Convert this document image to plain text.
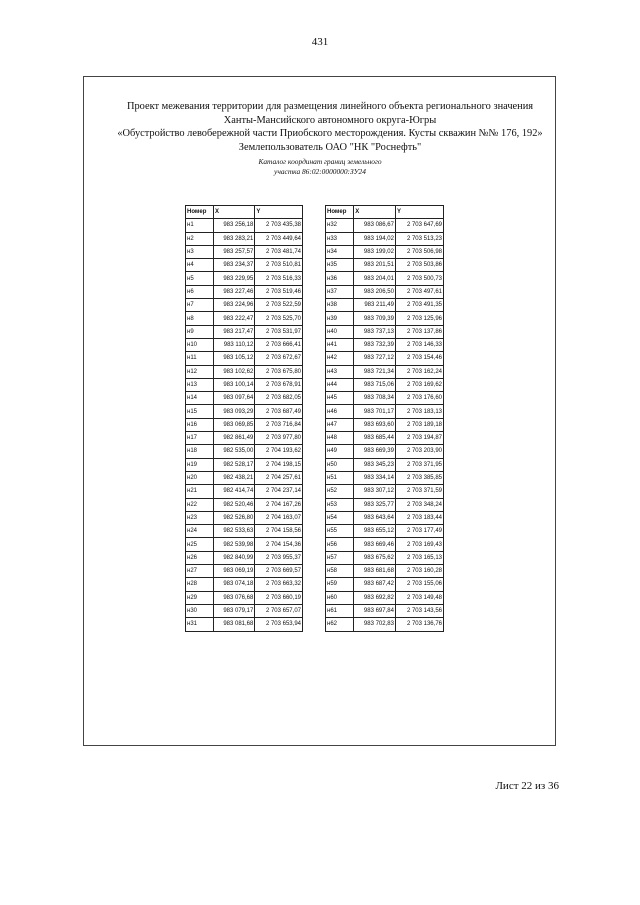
431
Проект межевания территории для размещения линейного объекта регионального значения
Ханты-Мансийского автономного округа-Югры
«Обустройство левобережной части Приобского месторождения. Кусты скважин №№ 176, 192»
Землепользователь ОАО "НК "Роснефть"
Каталог координат границ земельного
участка 86:02:0000000:ЗУ24
Номер	X	Y
н1	983 256,18	2 703 435,38
н2	983 283,21	2 703 449,64
н3	983 257,57	2 703 481,74
н4	983 234,37	2 703 510,81
н5	983 229,95	2 703 516,33
н6	983 227,46	2 703 519,46
н7	983 224,96	2 703 522,59
н8	983 222,47	2 703 525,70
н9	983 217,47	2 703 531,97
н10	983 110,12	2 703 666,41
н11	983 105,12	2 703 672,67
н12	983 102,62	2 703 675,80
н13	983 100,14	2 703 678,91
н14	983 097,64	2 703 682,05
н15	983 093,29	2 703 687,49
н16	983 069,85	2 703 716,84
н17	982 861,49	2 703 977,80
н18	982 535,00	2 704 193,62
н19	982 528,17	2 704 198,15
н20	982 438,21	2 704 257,61
н21	982 414,74	2 704 237,14
н22	982 520,46	2 704 167,26
н23	982 526,80	2 704 163,07
н24	982 533,63	2 704 158,56
н25	982 539,98	2 704 154,36
н26	982 840,99	2 703 955,37
н27	983 069,19	2 703 669,57
н28	983 074,18	2 703 663,32
н29	983 076,68	2 703 660,19
н30	983 079,17	2 703 657,07
н31	983 081,68	2 703 653,94
Номер	X	Y
н32	983 086,67	2 703 647,69
н33	983 194,02	2 703 513,23
н34	983 199,02	2 703 506,98
н35	983 201,51	2 703 503,86
н36	983 204,01	2 703 500,73
н37	983 206,50	2 703 497,61
н38	983 211,49	2 703 491,35
н39	983 709,39	2 703 125,96
н40	983 737,13	2 703 137,86
н41	983 732,39	2 703 146,33
н42	983 727,12	2 703 154,46
н43	983 721,34	2 703 162,24
н44	983 715,06	2 703 169,62
н45	983 708,34	2 703 176,60
н46	983 701,17	2 703 183,13
н47	983 693,60	2 703 189,18
н48	983 685,44	2 703 194,87
н49	983 669,39	2 703 203,90
н50	983 345,23	2 703 371,95
н51	983 334,14	2 703 385,85
н52	983 307,12	2 703 371,59
н53	983 325,77	2 703 348,24
н54	983 643,64	2 703 183,44
н55	983 655,12	2 703 177,49
н56	983 669,46	2 703 169,43
н57	983 675,62	2 703 165,13
н58	983 681,68	2 703 160,28
н59	983 687,42	2 703 155,06
н60	983 692,82	2 703 149,48
н61	983 697,84	2 703 143,56
н62	983 702,83	2 703 136,76
Лист 22 из 36
